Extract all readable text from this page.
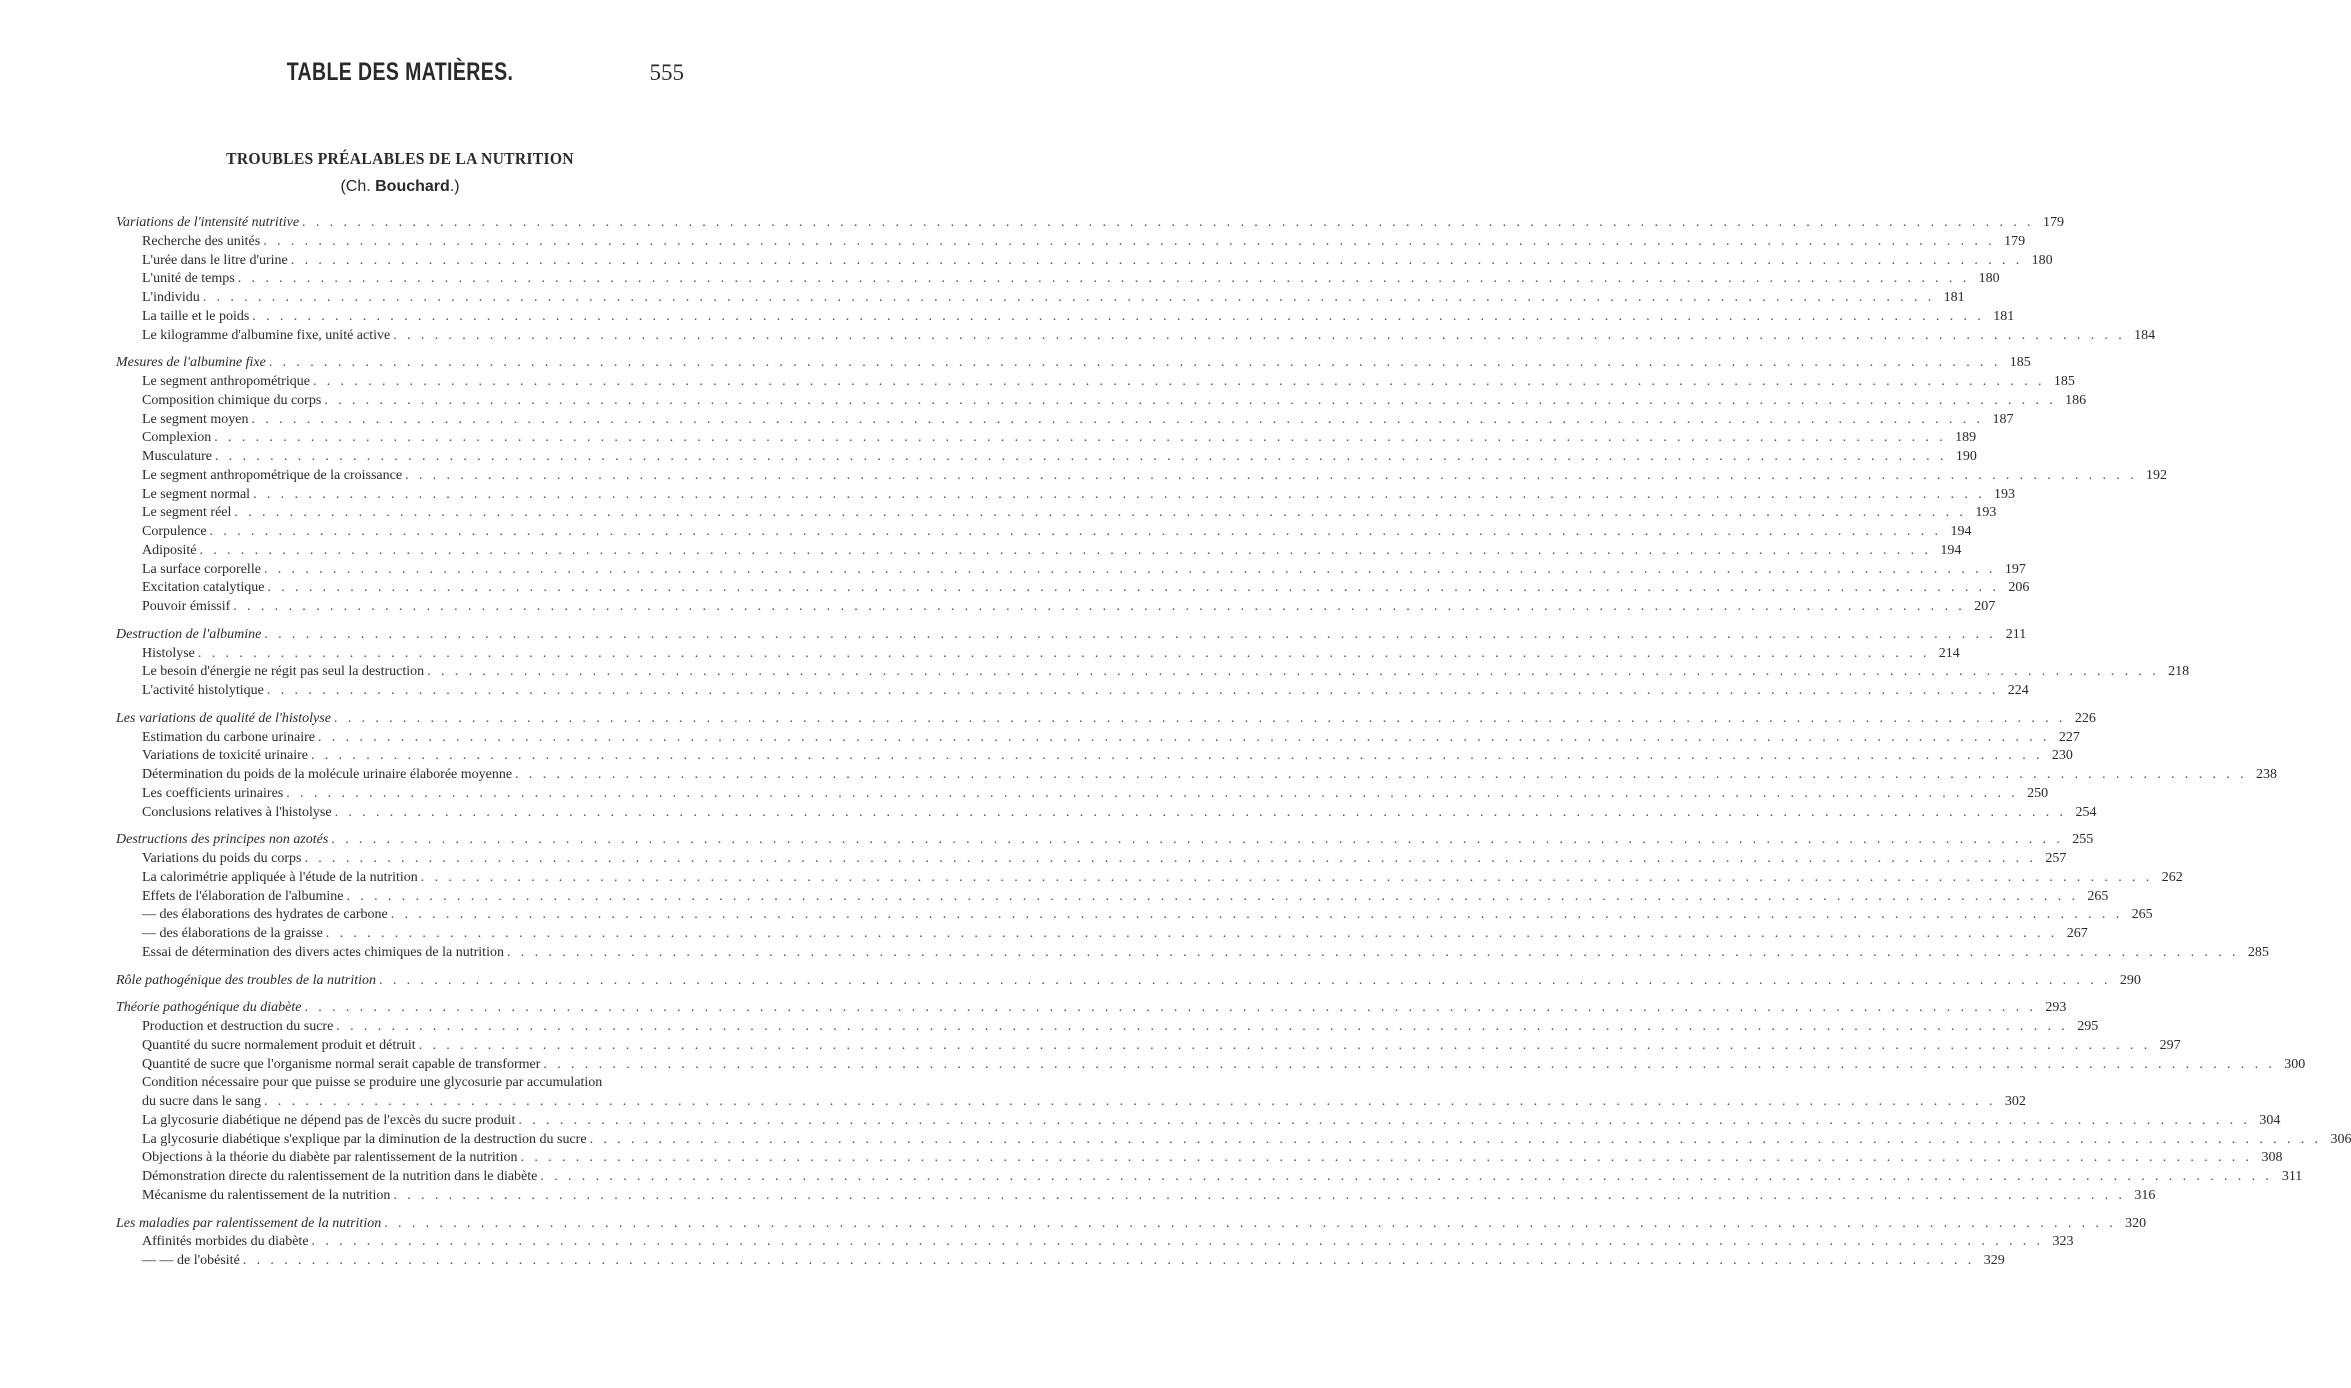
TABLE DES MATIÈRES.	555
TROUBLES PRÉALABLES DE LA NUTRITION
(Ch. Bouchard.)
Variations de l'intensité nutritive . . .	179
Recherche des unités . . .	179
L'urée dans le litre d'urine . . .	180
L'unité de temps . . .	180
L'individu . . .	181
La taille et le poids . . .	181
Le kilogramme d'albumine fixe, unité active . . .	184
Mesures de l'albumine fixe . . .	185
Le segment anthropométrique . . .	185
Composition chimique du corps . . .	186
Le segment moyen . . .	187
Complexion . . .	189
Musculature . . .	190
Le segment anthropométrique de la croissance . . .	192
Le segment normal . . .	193
Le segment réel . . .	193
Corpulence . . .	194
Adiposité . . .	194
La surface corporelle . . .	197
Excitation catalytique . . .	206
Pouvoir émissif . . .	207
Destruction de l'albumine . . .	211
Histolyse . . .	214
Le besoin d'énergie ne régit pas seul la destruction . . .	218
L'activité histolytique . . .	224
Les variations de qualité de l'histolyse . . .	226
Estimation du carbone urinaire . . .	227
Variations de toxicité urinaire . . .	230
Détermination du poids de la molécule urinaire élaborée moyenne . . .	238
Les coefficients urinaires . . .	250
Conclusions relatives à l'histolyse . . .	254
Destructions des principes non azotés . . .	255
Variations du poids du corps . . .	257
La calorimétrie appliquée à l'étude de la nutrition . . .	262
Effets de l'élaboration de l'albumine . . .	265
— des élaborations des hydrates de carbone . . .	265
— des élaborations de la graisse . . .	267
Essai de détermination des divers actes chimiques de la nutrition . . .	285
Rôle pathogénique des troubles de la nutrition . . .	290
Théorie pathogénique du diabète . . .	293
Production et destruction du sucre . . .	295
Quantité du sucre normalement produit et détruit . . .	297
Quantité de sucre que l'organisme normal serait capable de transformer . . .	300
Condition nécessaire pour que puisse se produire une glycosurie par accumulation
du sucre dans le sang . . .	302
La glycosurie diabétique ne dépend pas de l'excès du sucre produit . . .	304
La glycosurie diabétique s'explique par la diminution de la destruction du sucre . . .	306
Objections à la théorie du diabète par ralentissement de la nutrition . . .	308
Démonstration directe du ralentissement de la nutrition dans le diabète . . .	311
Mécanisme du ralentissement de la nutrition . . .	316
Les maladies par ralentissement de la nutrition . . .	320
Affinités morbides du diabète . . .	323
— — de l'obésité . . .	329
